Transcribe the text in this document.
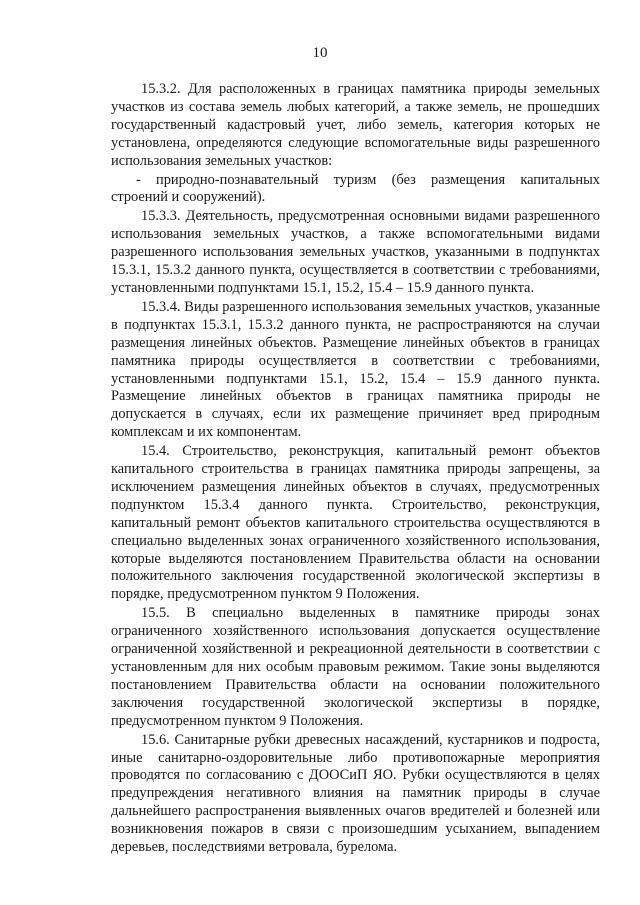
10

15.3.2. Для расположенных в границах памятника природы земельных участков из состава земель любых категорий, а также земель, не прошедших государственный кадастровый учет, либо земель, категория которых не установлена, определяются следующие вспомогательные виды разрешенного использования земельных участков:

- природно-познавательный туризм (без размещения капитальных строений и сооружений).

15.3.3. Деятельность, предусмотренная основными видами разрешенного использования земельных участков, а также вспомогательными видами разрешенного использования земельных участков, указанными в подпунктах 15.3.1, 15.3.2 данного пункта, осуществляется в соответствии с требованиями, установленными подпунктами 15.1, 15.2, 15.4 – 15.9 данного пункта.

15.3.4. Виды разрешенного использования земельных участков, указанные в подпунктах 15.3.1, 15.3.2 данного пункта, не распространяются на случаи размещения линейных объектов. Размещение линейных объектов в границах памятника природы осуществляется в соответствии с требованиями, установленными подпунктами 15.1, 15.2, 15.4 – 15.9 данного пункта. Размещение линейных объектов в границах памятника природы не допускается в случаях, если их размещение причиняет вред природным комплексам и их компонентам.

15.4. Строительство, реконструкция, капитальный ремонт объектов капитального строительства в границах памятника природы запрещены, за исключением размещения линейных объектов в случаях, предусмотренных подпунктом 15.3.4 данного пункта. Строительство, реконструкция, капитальный ремонт объектов капитального строительства осуществляются в специально выделенных зонах ограниченного хозяйственного использования, которые выделяются постановлением Правительства области на основании положительного заключения государственной экологической экспертизы в порядке, предусмотренном пунктом 9 Положения.

15.5. В специально выделенных в памятнике природы зонах ограниченного хозяйственного использования допускается осуществление ограниченной хозяйственной и рекреационной деятельности в соответствии с установленным для них особым правовым режимом. Такие зоны выделяются постановлением Правительства области на основании положительного заключения государственной экологической экспертизы в порядке, предусмотренном пунктом 9 Положения.

15.6. Санитарные рубки древесных насаждений, кустарников и подроста, иные санитарно-оздоровительные либо противопожарные мероприятия проводятся по согласованию с ДООСиП ЯО. Рубки осуществляются в целях предупреждения негативного влияния на памятник природы в случае дальнейшего распространения выявленных очагов вредителей и болезней или возникновения пожаров в связи с произошедшим усыханием, выпадением деревьев, последствиями ветровала, бурелома.
